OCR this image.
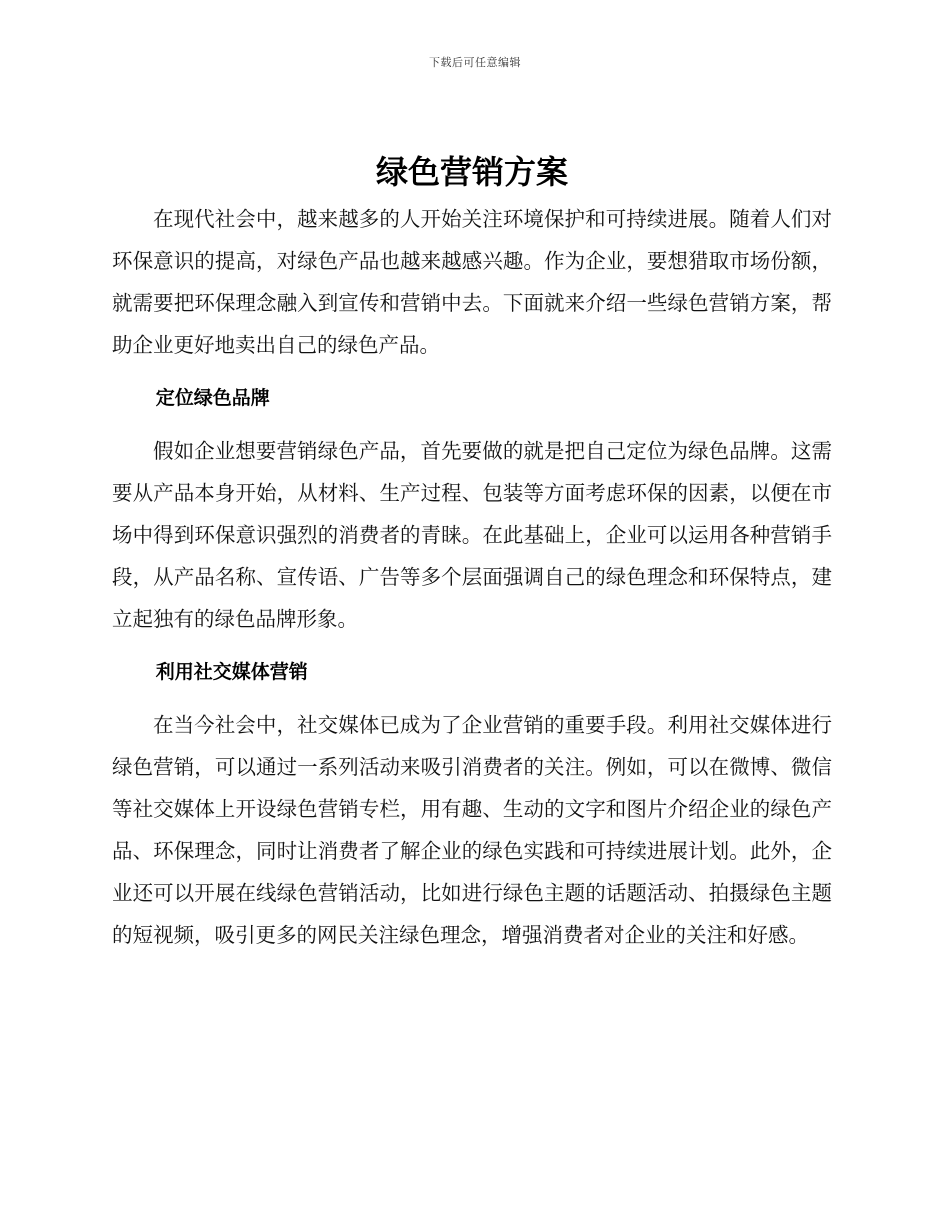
下载后可任意编辑
绿色营销方案

在现代社会中，越来越多的人开始关注环境保护和可持续进展。随着人们对环保意识的提高，对绿色产品也越来越感兴趣。作为企业，要想猎取市场份额，就需要把环保理念融入到宣传和营销中去。下面就来介绍一些绿色营销方案，帮助企业更好地卖出自己的绿色产品。

定位绿色品牌

假如企业想要营销绿色产品，首先要做的就是把自己定位为绿色品牌。这需要从产品本身开始，从材料、生产过程、包装等方面考虑环保的因素，以便在市场中得到环保意识强烈的消费者的青睐。在此基础上，企业可以运用各种营销手段，从产品名称、宣传语、广告等多个层面强调自己的绿色理念和环保特点，建立起独有的绿色品牌形象。

利用社交媒体营销

在当今社会中，社交媒体已成为了企业营销的重要手段。利用社交媒体进行绿色营销，可以通过一系列活动来吸引消费者的关注。例如，可以在微博、微信等社交媒体上开设绿色营销专栏，用有趣、生动的文字和图片介绍企业的绿色产品、环保理念，同时让消费者了解企业的绿色实践和可持续进展计划。此外，企业还可以开展在线绿色营销活动，比如进行绿色主题的话题活动、拍摄绿色主题的短视频，吸引更多的网民关注绿色理念，增强消费者对企业的关注和好感。
